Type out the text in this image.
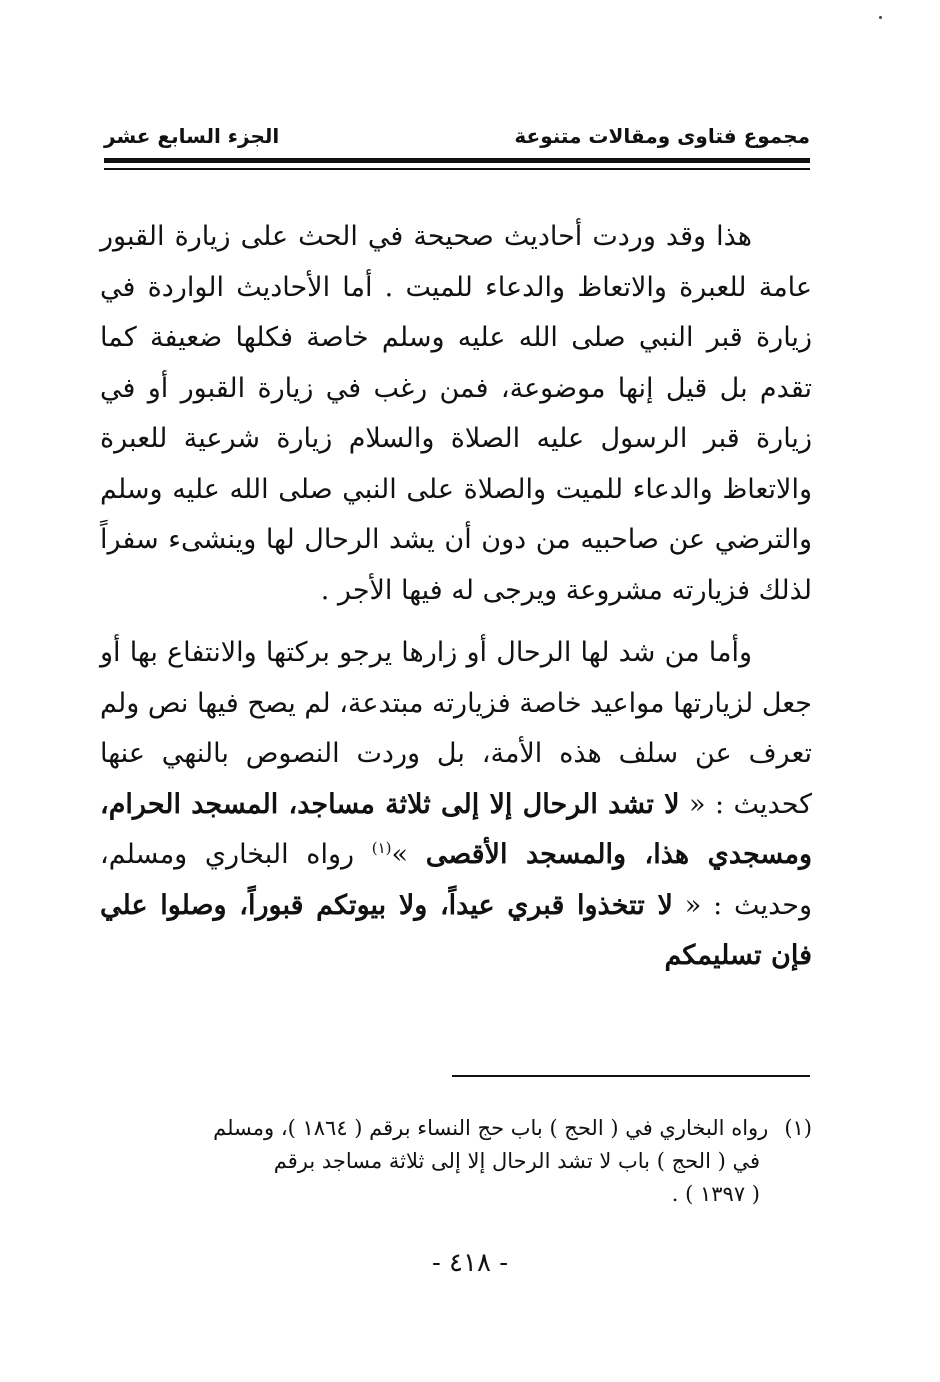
مجموع فتاوى ومقالات متنوعة
الجزء السابع عشر

هذا وقد وردت أحاديث صحيحة في الحث على زيارة القبور عامة للعبرة والاتعاظ والدعاء للميت . أما الأحاديث الواردة في زيارة قبر النبي صلى الله عليه وسلم خاصة فكلها ضعيفة كما تقدم بل قيل إنها موضوعة، فمن رغب في زيارة القبور أو في زيارة قبر الرسول عليه الصلاة والسلام زيارة شرعية للعبرة والاتعاظ والدعاء للميت والصلاة على النبي صلى الله عليه وسلم والترضي عن صاحبيه من دون أن يشد الرحال لها وينشىء سفراً لذلك فزيارته مشروعة ويرجى له فيها الأجر .

وأما من شد لها الرحال أو زارها يرجو بركتها والانتفاع بها أو جعل لزيارتها مواعيد خاصة فزيارته مبتدعة، لم يصح فيها نص ولم تعرف عن سلف هذه الأمة، بل وردت النصوص بالنهي عنها كحديث : « لا تشد الرحال إلا إلى ثلاثة مساجد، المسجد الحرام، ومسجدي هذا، والمسجد الأقصى »$^{(١)}$ رواه البخاري ومسلم، وحديث : « لا تتخذوا قبري عيداً، ولا بيوتكم قبوراً، وصلوا علي فإن تسليمكم

(١)رواه البخاري في ( الحج ) باب حج النساء برقم ( ١٨٦٤ )، ومسلم
في ( الحج ) باب لا تشد الرحال إلا إلى ثلاثة مساجد برقم
( ١٣٩٧ ) .
- ٤١٨ -
